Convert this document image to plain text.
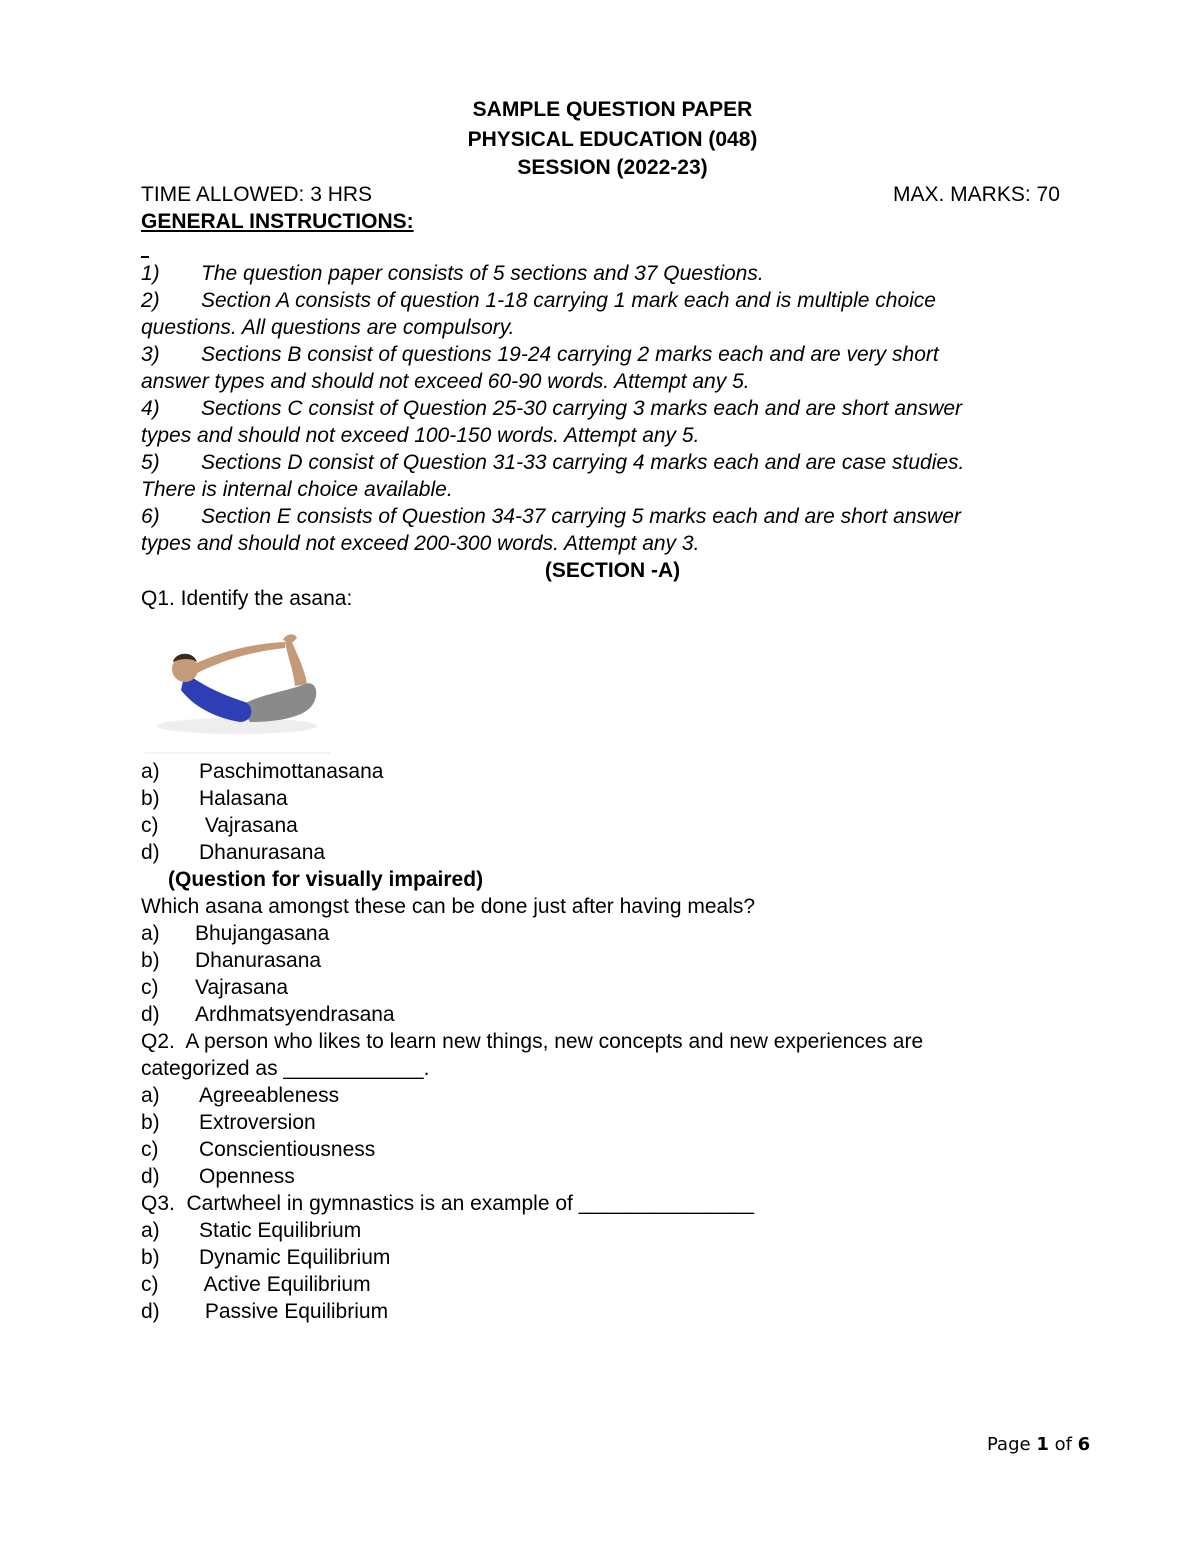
SAMPLE QUESTION PAPER
PHYSICAL EDUCATION (048)
SESSION (2022-23)
TIME ALLOWED: 3 HRS	MAX. MARKS: 70
GENERAL INSTRUCTIONS:
1) The question paper consists of 5 sections and 37 Questions.
2) Section A consists of question 1-18 carrying 1 mark each and is multiple choice
questions. All questions are compulsory.
3) Sections B consist of questions 19-24 carrying 2 marks each and are very short
answer types and should not exceed 60-90 words. Attempt any 5.
4) Sections C consist of Question 25-30 carrying 3 marks each and are short answer
types and should not exceed 100-150 words. Attempt any 5.
5) Sections D consist of Question 31-33 carrying 4 marks each and are case studies.
There is internal choice available.
6) Section E consists of Question 34-37 carrying 5 marks each and are short answer
types and should not exceed 200-300 words. Attempt any 3.
(SECTION -A)
Q1. Identify the asana:
a) Paschimottanasana
b) Halasana
c) Vajrasana
d) Dhanurasana
(Question for visually impaired)
Which asana amongst these can be done just after having meals?
a) Bhujangasana
b) Dhanurasana
c) Vajrasana
d) Ardhmatsyendrasana
Q2.  A person who likes to learn new things, new concepts and new experiences are
categorized as ____________.
a) Agreeableness
b) Extroversion
c) Conscientiousness
d) Openness
Q3.  Cartwheel in gymnastics is an example of _______________
a) Static Equilibrium
b) Dynamic Equilibrium
c) Active Equilibrium
d) Passive Equilibrium
Page 1 of 6
